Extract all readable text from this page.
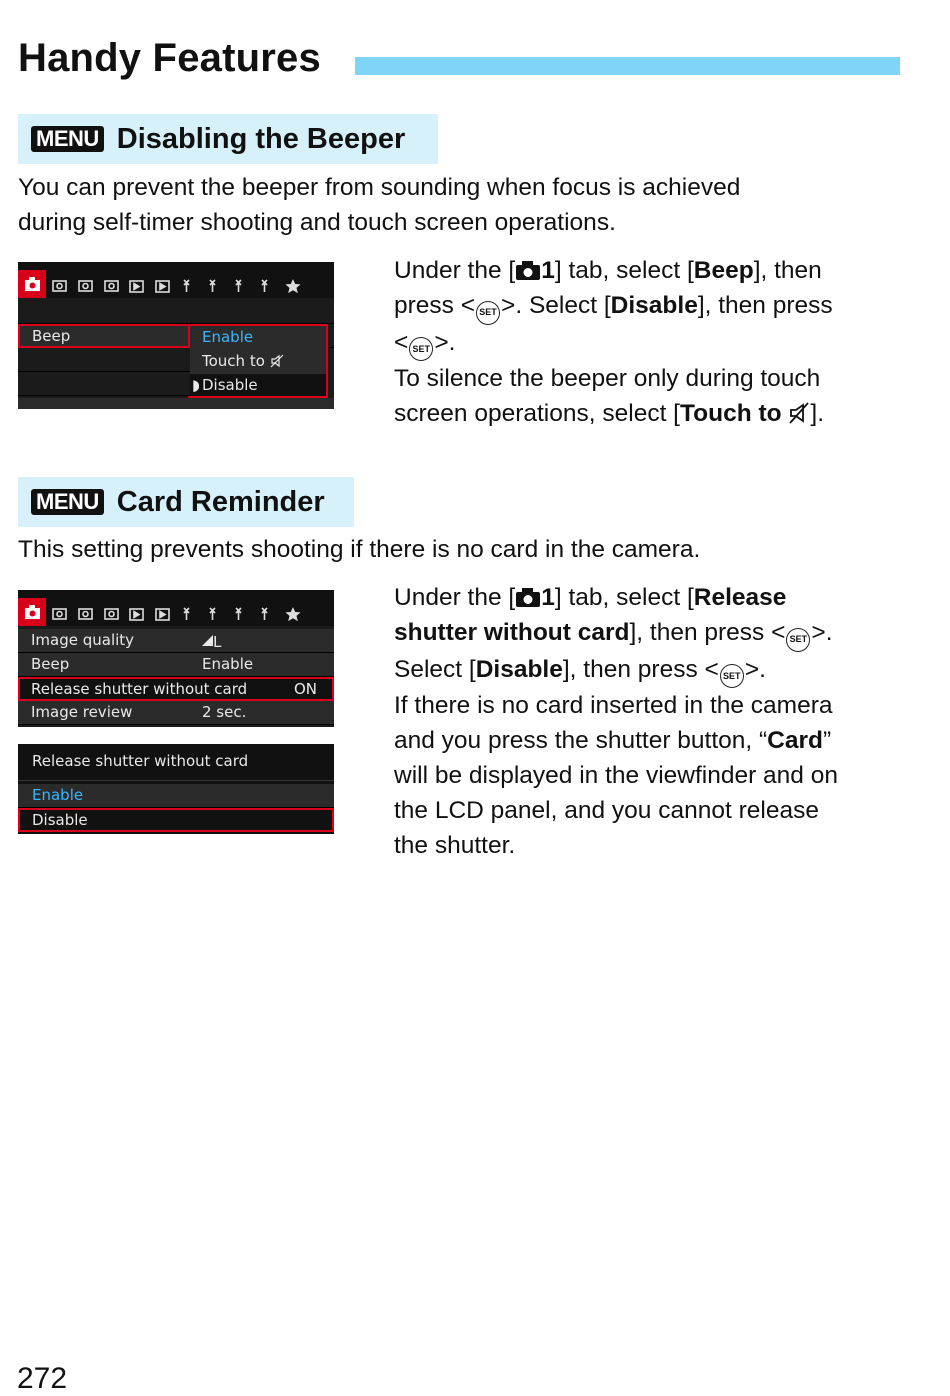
Handy Features
MENU Disabling the Beeper

You can prevent the beeper from sounding when focus is achieved
during self-timer shooting and touch screen operations.

Beep	Enable
Touch to
◗ Disable

Under the [ 1] tab, select [Beep], then
press < SET >. Select [Disable], then press
< SET >.
To silence the beeper only during touch
screen operations, select [Touch to ].

MENU Card Reminder

This setting prevents shooting if there is no card in the camera.

Image quality	L
Beep	Enable
Release shutter without card	ON
Image review	2 sec.
Release shutter without card
Enable
Disable

Under the [ 1] tab, select [Release
shutter without card], then press < SET >.
Select [Disable], then press < SET >.
If there is no card inserted in the camera
and you press the shutter button, “Card”
will be displayed in the viewfinder and on
the LCD panel, and you cannot release
the shutter.

272
